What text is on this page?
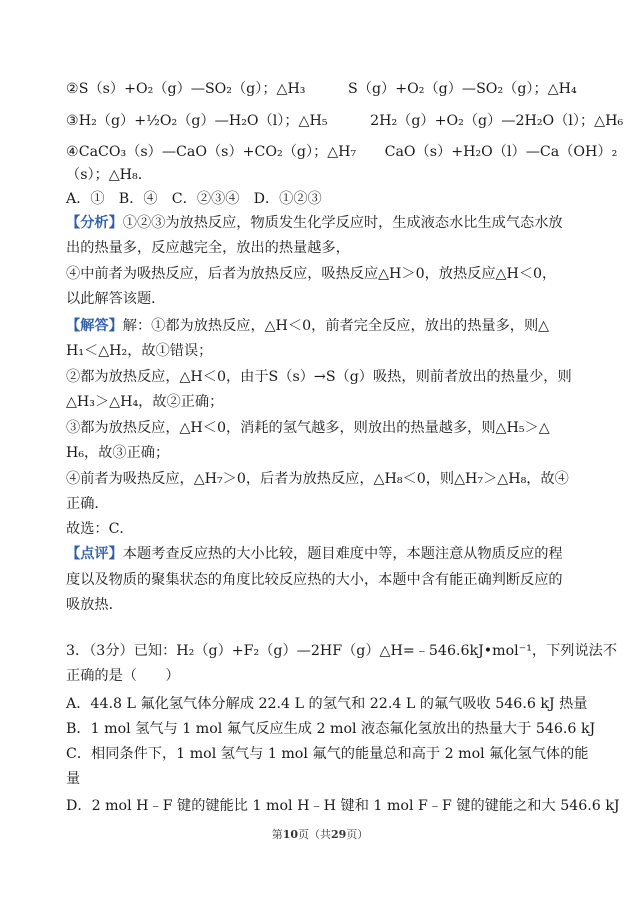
②S（s）+O₂（g）—SO₂（g）；△H₃　　　S（g）+O₂（g）—SO₂（g）；△H₄
③H₂（g）+½O₂（g）—H₂O（l）；△H₅　　　2H₂（g）+O₂（g）—2H₂O（l）；△H₆
④CaCO₃（s）—CaO（s）+CO₂（g）；△H₇　　CaO（s）+H₂O（l）—Ca（OH）₂
（s）；△H₈．
A．①　B．④　C．②③④　D．①②③
【分析】①②③为放热反应，物质发生化学反应时，生成液态水比生成气态水放
出的热量多，反应越完全，放出的热量越多，
④中前者为吸热反应，后者为放热反应，吸热反应△H＞0，放热反应△H＜0，
以此解答该题．
【解答】解：①都为放热反应，△H＜0，前者完全反应，放出的热量多，则△
H₁＜△H₂，故①错误；
②都为放热反应，△H＜0，由于S（s）→S（g）吸热，则前者放出的热量少，则
△H₃＞△H₄，故②正确；
③都为放热反应，△H＜0，消耗的氢气越多，则放出的热量越多，则△H₅＞△
H₆，故③正确；
④前者为吸热反应，△H₇＞0，后者为放热反应，△H₈＜0，则△H₇＞△H₈，故④
正确．
故选：C．
【点评】本题考查反应热的大小比较，题目难度中等，本题注意从物质反应的程
度以及物质的聚集状态的角度比较反应热的大小，本题中含有能正确判断反应的
吸放热．
3．（3分）已知：H₂（g）+F₂（g）—2HF（g）△H=﹣546.6kJ•mol⁻¹，下列说法不
正确的是（　　）
A．44.8 L 氟化氢气体分解成 22.4 L 的氢气和 22.4 L 的氟气吸收 546.6 kJ 热量
B．1 mol 氢气与 1 mol 氟气反应生成 2 mol 液态氟化氢放出的热量大于 546.6 kJ
C．相同条件下，1 mol 氢气与 1 mol 氟气的能量总和高于 2 mol 氟化氢气体的能
量
D．2 mol H﹣F 键的键能比 1 mol H﹣H 键和 1 mol F﹣F 键的键能之和大 546.6 kJ
第10页（共29页）
